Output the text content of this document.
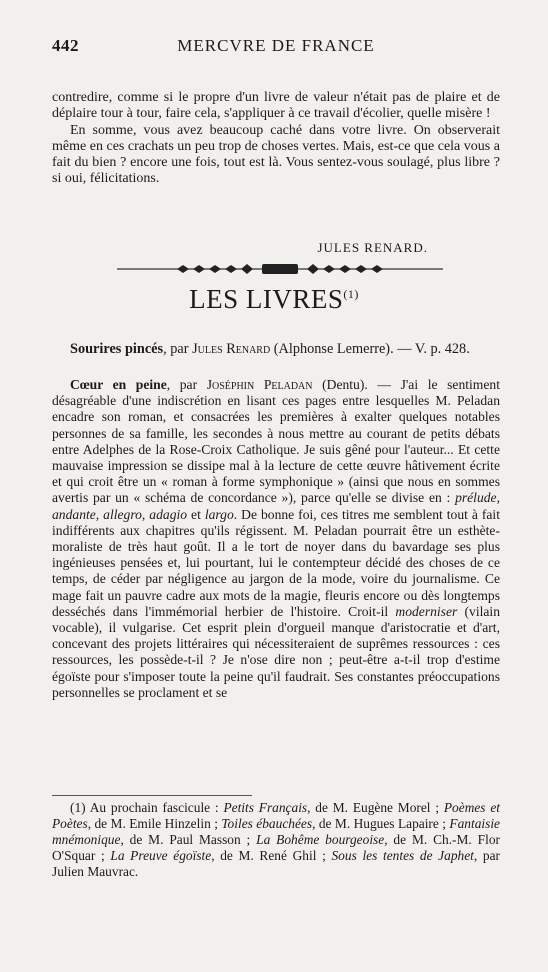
442	MERCVRE DE FRANCE

contredire, comme si le propre d'un livre de valeur n'était pas de plaire et de déplaire tour à tour, faire cela, s'appliquer à ce travail d'écolier, quelle misère !

En somme, vous avez beaucoup caché dans votre livre. On observerait même en ces crachats un peu trop de choses vertes. Mais, est-ce que cela vous a fait du bien ? encore une fois, tout est là. Vous sentez-vous soulagé, plus libre ? si oui, félicitations.

JULES RENARD.
LES LIVRES$^{(1)}$

Sourires pincés, par Jules Renard (Alphonse Lemerre). — V. p. 428.

Cœur en peine, par Joséphin Peladan (Dentu). — J'ai le sentiment désagréable d'une indiscrétion en lisant ces pages entre lesquelles M. Peladan encadre son roman, et consacrées les premières à exalter quelques notables personnes de sa famille, les secondes à nous mettre au courant de petits débats entre Adelphes de la Rose-Croix Catholique. Je suis gêné pour l'auteur... Et cette mauvaise impression se dissipe mal à la lecture de cette œuvre hâtivement écrite et qui croit être un « roman à forme symphonique » (ainsi que nous en sommes avertis par un « schéma de concordance »), parce qu'elle se divise en : prélude, andante, allegro, adagio et largo. De bonne foi, ces titres me semblent tout à fait indifférents aux chapitres qu'ils régissent. M. Peladan pourrait être un esthète-moraliste de très haut goût. Il a le tort de noyer dans du bavardage ses plus ingénieuses pensées et, lui pourtant, lui le contempteur décidé des choses de ce temps, de céder par négligence au jargon de la mode, voire du journalisme. Ce mage fait un pauvre cadre aux mots de la magie, fleuris encore ou dès longtemps desséchés dans l'immémorial herbier de l'histoire. Croit-il moderniser (vilain vocable), il vulgarise. Cet esprit plein d'orgueil manque d'aristocratie et d'art, concevant des projets littéraires qui nécessiteraient de suprêmes ressources : ces ressources, les possède-t-il ? Je n'ose dire non ; peut-être a-t-il trop d'estime égoïste pour s'imposer toute la peine qu'il faudrait. Ses constantes préoccupations personnelles se proclament et se

(1) Au prochain fascicule : Petits Français, de M. Eugène Morel ; Poèmes et Poètes, de M. Emile Hinzelin ; Toiles ébauchées, de M. Hugues Lapaire ; Fantaisie mnémonique, de M. Paul Masson ; La Bohême bourgeoise, de M. Ch.-M. Flor O'Squar ; La Preuve égoïste, de M. René Ghil ; Sous les tentes de Japhet, par Julien Mauvrac.
